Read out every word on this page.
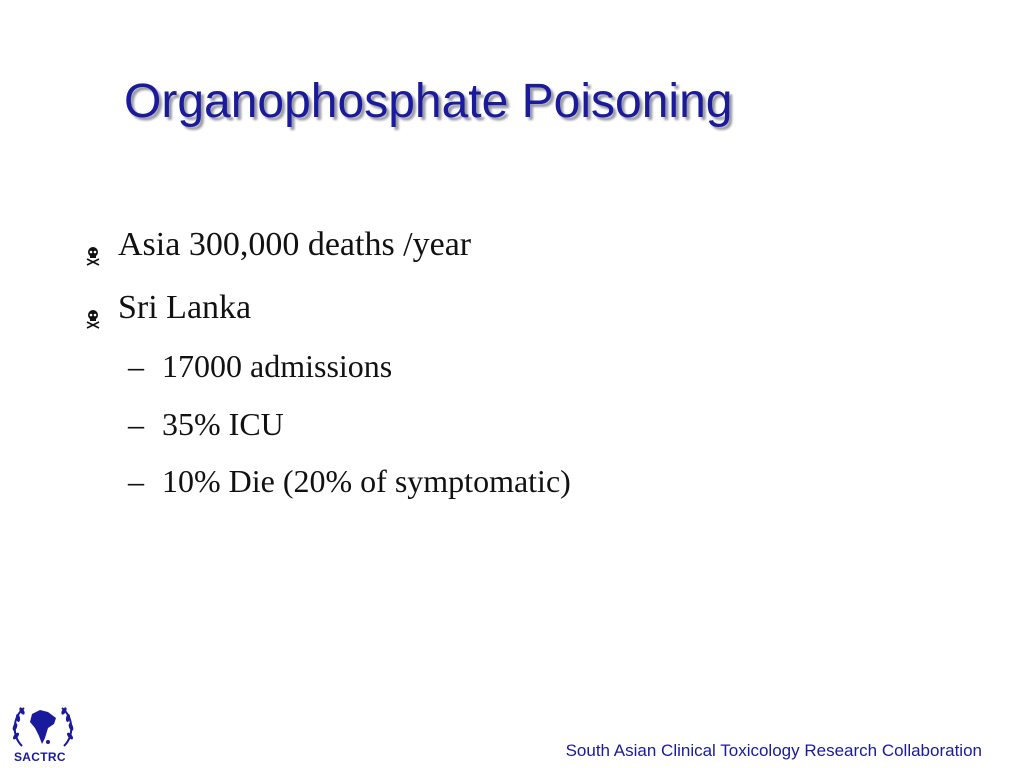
Organophosphate Poisoning
Asia 300,000 deaths /year
Sri Lanka
– 17000 admissions
– 35% ICU
– 10% Die (20% of symptomatic)
SACTRC	South Asian Clinical Toxicology Research Collaboration
